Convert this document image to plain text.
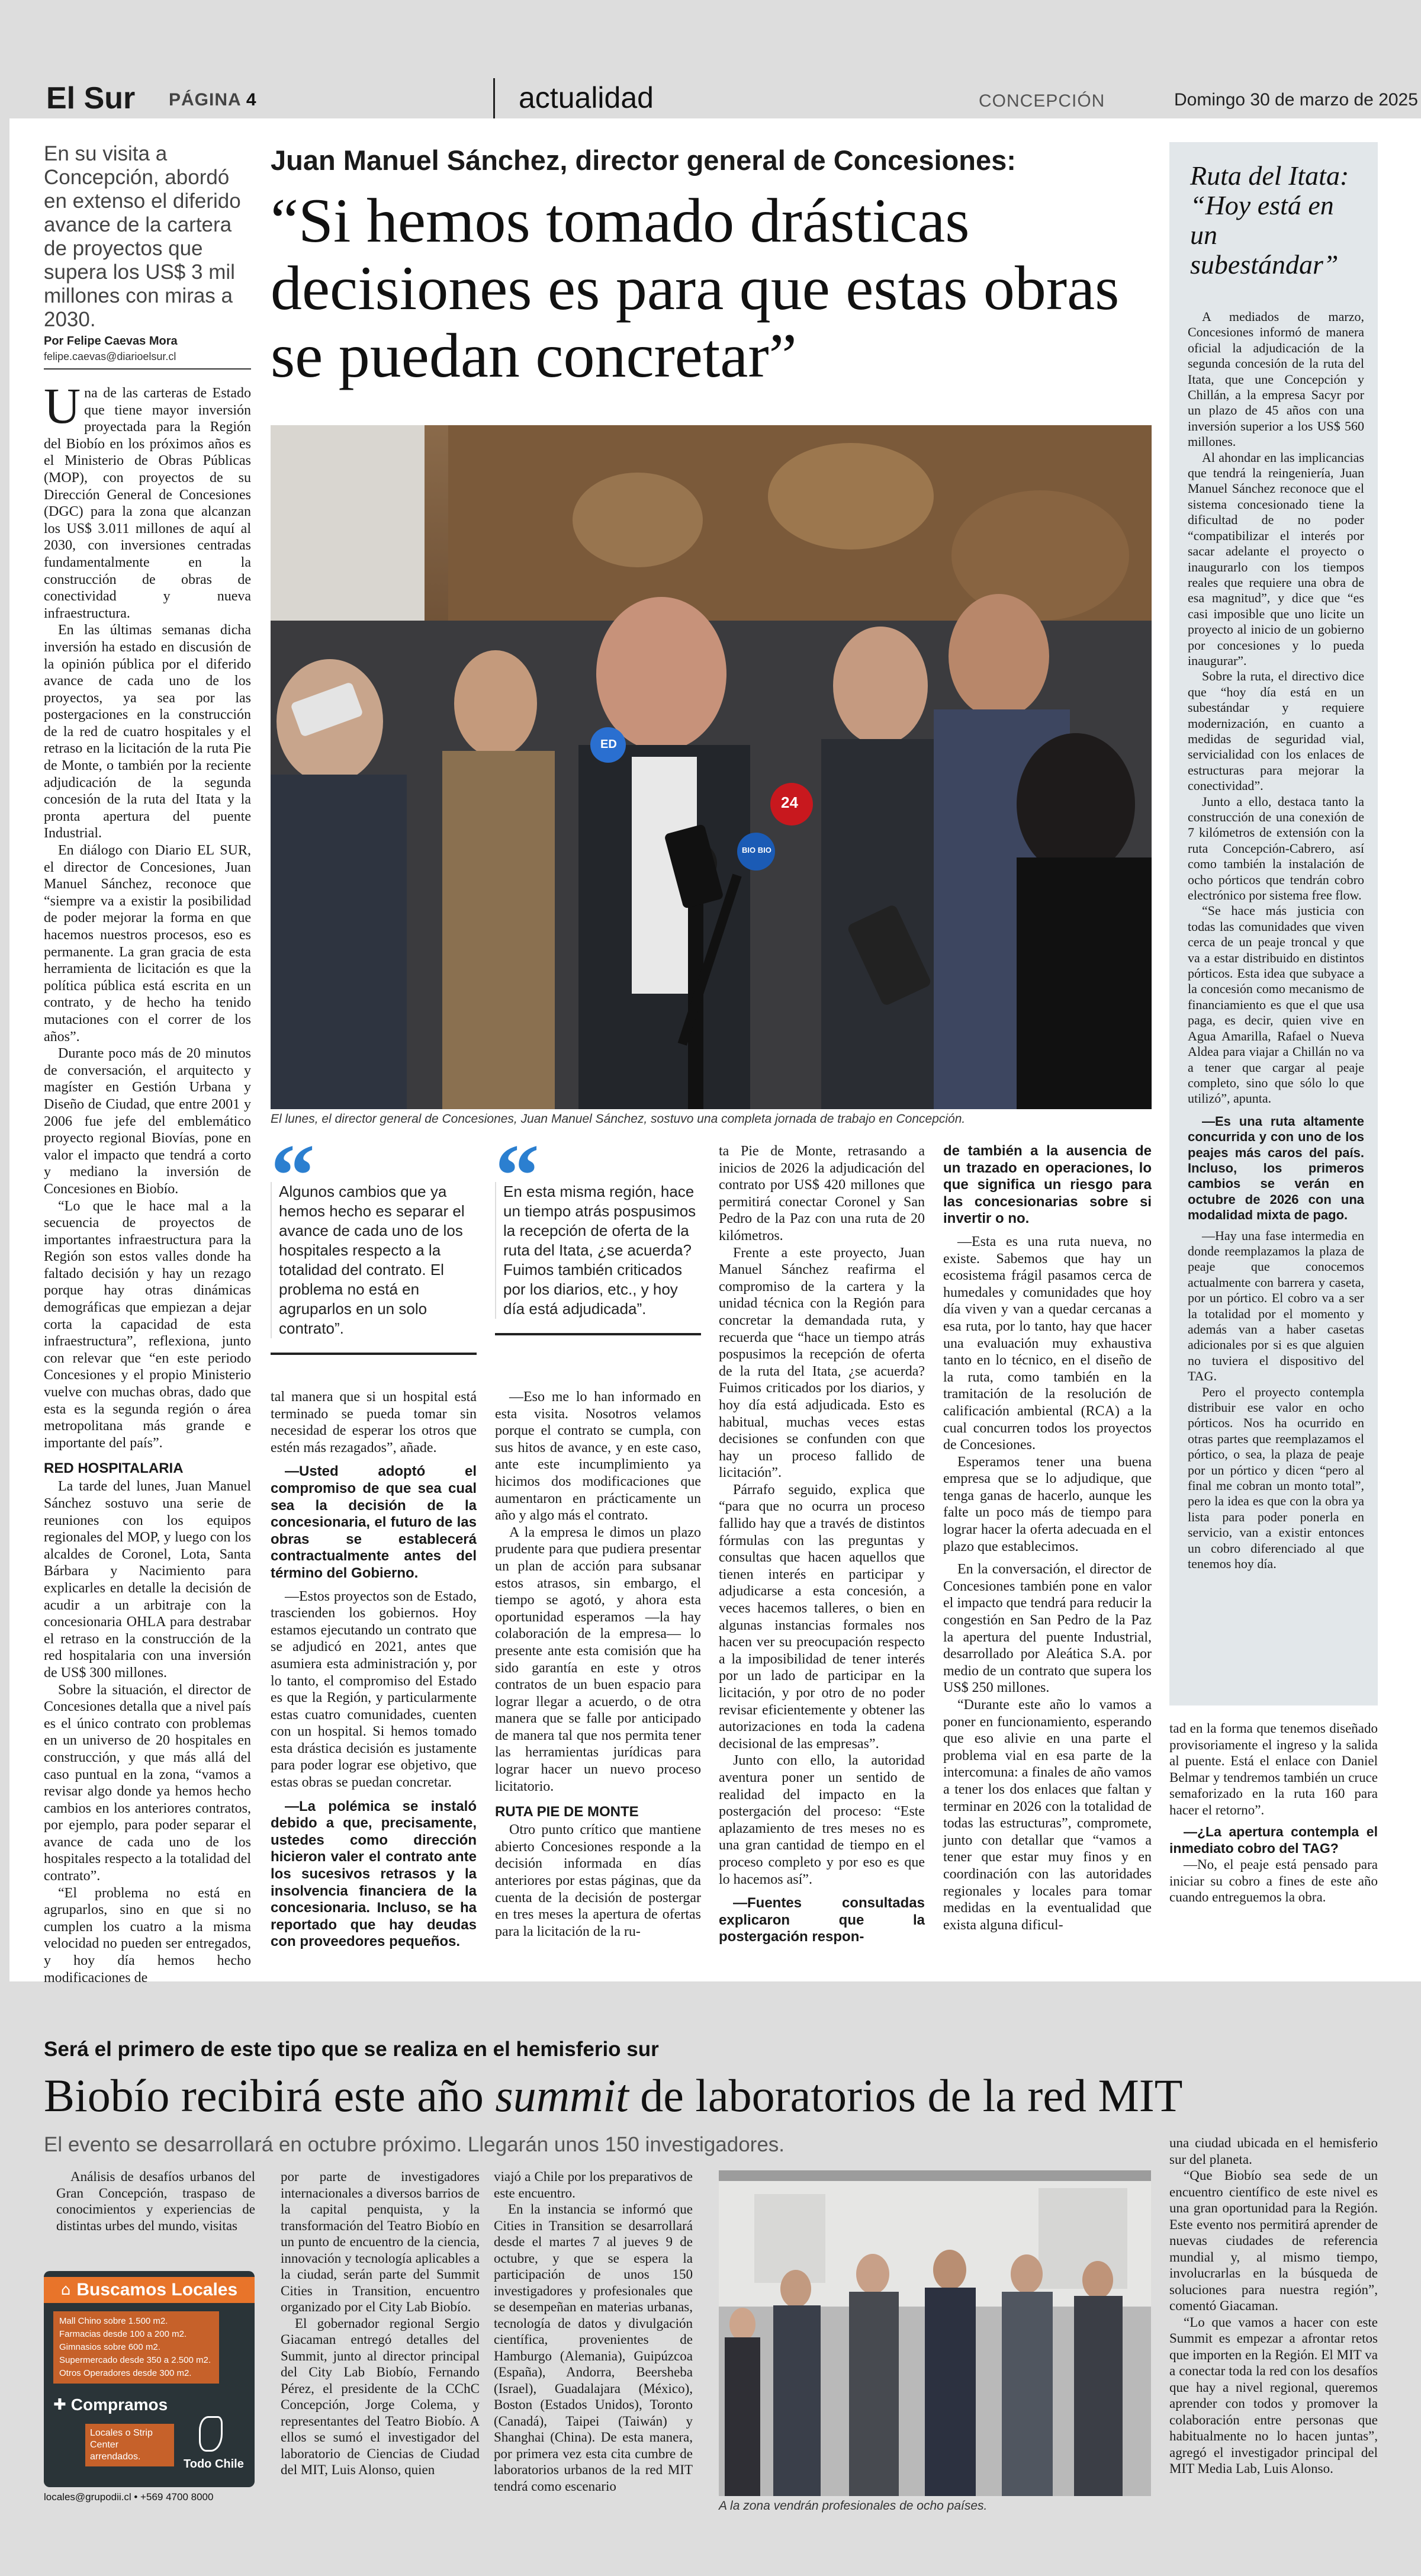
El Sur PÁGINA 4	actualidad	CONCEPCIÓN	Domingo 30 de marzo de 2025
En su visita a Concepción, abordó en extenso el diferido avance de la cartera de proyectos que supera los US$ 3 mil millones con miras a 2030.
Por Felipe Caevas Mora
felipe.caevas@diarioelsur.cl
Juan Manuel Sánchez, director general de Concesiones:
“Si hemos tomado drásticas decisiones es para que estas obras se puedan concretar”
24
ED
BIO BIO
El lunes, el director general de Concesiones, Juan Manuel Sánchez, sostuvo una completa jornada de trabajo en Concepción.

Una de las carteras de Estado que tiene mayor inversión proyectada para la Región del Biobío en los próximos años es el Ministerio de Obras Públicas (MOP), con proyectos de su Dirección General de Concesiones (DGC) para la zona que alcanzan los US$ 3.011 millones de aquí al 2030, con inversiones centradas fundamentalmente en la construcción de obras de conectividad y nueva infraestructura.

En las últimas semanas dicha inversión ha estado en discusión de la opinión pública por el diferido avance de cada uno de los proyectos, ya sea por las postergaciones en la construcción de la red de cuatro hospitales y el retraso en la licitación de la ruta Pie de Monte, o también por la reciente adjudicación de la segunda concesión de la ruta del Itata y la pronta apertura del puente Industrial.

En diálogo con Diario EL SUR, el director de Concesiones, Juan Manuel Sánchez, reconoce que “siempre va a existir la posibilidad de poder mejorar la forma en que hacemos nuestros procesos, eso es permanente. La gran gracia de esta herramienta de licitación es que la política pública está escrita en un contrato, y de hecho ha tenido mutaciones con el correr de los años”.

Durante poco más de 20 minutos de conversación, el arquitecto y magíster en Gestión Urbana y Diseño de Ciudad, que entre 2001 y 2006 fue jefe del emblemático proyecto regional Biovías, pone en valor el impacto que tendrá a corto y mediano la inversión de Concesiones en Biobío.

“Lo que le hace mal a la secuencia de proyectos de importantes infraestructura para la Región son estos valles donde ha faltado decisión y hay un rezago porque hay otras dinámicas demográficas que empiezan a dejar corta la capacidad de esta infraestructura”, reflexiona, junto con relevar que “en este periodo Concesiones y el propio Ministerio vuelve con muchas obras, dado que esta es la segunda región o área metropolitana más grande e importante del país”.

RED HOSPITALARIA

La tarde del lunes, Juan Manuel Sánchez sostuvo una serie de reuniones con los equipos regionales del MOP, y luego con los alcaldes de Coronel, Lota, Santa Bárbara y Nacimiento para explicarles en detalle la decisión de acudir a un arbitraje con la concesionaria OHLA para destrabar el retraso en la construcción de la red hospitalaria con una inversión de US$ 300 millones.

Sobre la situación, el director de Concesiones detalla que a nivel país es el único contrato con problemas en un universo de 20 hospitales en construcción, y que más allá del caso puntual en la zona, “vamos a revisar algo donde ya hemos hecho cambios en los anteriores contratos, por ejemplo, para poder separar el avance de cada uno de los hospitales respecto a la totalidad del contrato”.

“El problema no está en agruparlos, sino en que si no cumplen los cuatro a la misma velocidad no pueden ser entregados, y hoy día hemos hecho modificaciones de

“
Algunos cambios que ya hemos hecho es separar el avance de cada uno de los hospitales respecto a la totalidad del contrato. El problema no está en agruparlos en un solo contrato”.
“
En esta misma región, hace un tiempo atrás pospusimos la recepción de oferta de la ruta del Itata, ¿se acuerda? Fuimos también criticados por los diarios, etc., y hoy día está adjudicada”.

tal manera que si un hospital está terminado se pueda tomar sin necesidad de esperar los otros que estén más rezagados”, añade.

—Usted adoptó el compromiso de que sea cual sea la decisión de la concesionaria, el futuro de las obras se establecerá contractualmente antes del término del Gobierno.

—Estos proyectos son de Estado, trascienden los gobiernos. Hoy estamos ejecutando un contrato que se adjudicó en 2021, antes que asumiera esta administración y, por lo tanto, el compromiso del Estado es que la Región, y particularmente estas cuatro comunidades, cuenten con un hospital. Si hemos tomado esta drástica decisión es justamente para poder lograr ese objetivo, que estas obras se puedan concretar.

—La polémica se instaló debido a que, precisamente, ustedes como dirección hicieron valer el contrato ante los sucesivos retrasos y la insolvencia financiera de la concesionaria. Incluso, se ha reportado que hay deudas con proveedores pequeños.

—Eso me lo han informado en esta visita. Nosotros velamos porque el contrato se cumpla, con sus hitos de avance, y en este caso, ante este incumplimiento ya hicimos dos modificaciones que aumentaron en prácticamente un año y algo más el contrato.

A la empresa le dimos un plazo prudente para que pudiera presentar un plan de acción para subsanar estos atrasos, sin embargo, el tiempo se agotó, y ahora esta oportunidad esperamos —la hay colaboración de la empresa— lo presente ante esta comisión que ha sido garantía en este y otros contratos de un buen espacio para lograr llegar a acuerdo, o de otra manera que se falle por anticipado de manera tal que nos permita tener las herramientas jurídicas para lograr hacer un nuevo proceso licitatorio.

RUTA PIE DE MONTE

Otro punto crítico que mantiene abierto Concesiones responde a la decisión informada en días anteriores por estas páginas, que da cuenta de la decisión de postergar en tres meses la apertura de ofertas para la licitación de la ru-

ta Pie de Monte, retrasando a inicios de 2026 la adjudicación del contrato por US$ 420 millones que permitirá conectar Coronel y San Pedro de la Paz con una ruta de 20 kilómetros.

Frente a este proyecto, Juan Manuel Sánchez reafirma el compromiso de la cartera y la unidad técnica con la Región para concretar la demandada ruta, y recuerda que “hace un tiempo atrás pospusimos la recepción de oferta de la ruta del Itata, ¿se acuerda? Fuimos criticados por los diarios, y hoy día está adjudicada. Esto es habitual, muchas veces estas decisiones se confunden con que hay un proceso fallido de licitación”.

Párrafo seguido, explica que “para que no ocurra un proceso fallido hay que a través de distintos fórmulas con las preguntas y consultas que hacen aquellos que tienen interés en participar y adjudicarse a esta concesión, a veces hacemos talleres, o bien en algunas instancias formales nos hacen ver su preocupación respecto a la imposibilidad de tener interés por un lado de participar en la licitación, y por otro de no poder revisar eficientemente y obtener las autorizaciones en toda la cadena decisional de las empresas”.

Junto con ello, la autoridad aventura poner un sentido de realidad del impacto en la postergación del proceso: “Este aplazamiento de tres meses no es una gran cantidad de tiempo en el proceso completo y por eso es que lo hacemos así”.

—Fuentes consultadas explicaron que la postergación respon-

de también a la ausencia de un trazado en operaciones, lo que significa un riesgo para las concesionarias sobre si invertir o no.

—Esta es una ruta nueva, no existe. Sabemos que hay un ecosistema frágil pasamos cerca de humedales y comunidades que hoy día viven y van a quedar cercanas a esa ruta, por lo tanto, hay que hacer una evaluación muy exhaustiva tanto en lo técnico, en el diseño de la ruta, como también en la tramitación de la resolución de calificación ambiental (RCA) a la cual concurren todos los proyectos de Concesiones.

Esperamos tener una buena empresa que se lo adjudique, que tenga ganas de hacerlo, aunque les falte un poco más de tiempo para lograr hacer la oferta adecuada en el plazo que establecimos.

En la conversación, el director de Concesiones también pone en valor el impacto que tendrá para reducir la congestión en San Pedro de la Paz la apertura del puente Industrial, desarrollado por Aleática S.A. por medio de un contrato que supera los US$ 250 millones.

“Durante este año lo vamos a poner en funcionamiento, esperando que eso alivie en una parte el problema vial en esa parte de la intercomuna: a finales de año vamos a tener los dos enlaces que faltan y terminar en 2026 con la totalidad de todas las estructuras”, compromete, junto con detallar que “vamos a tener que estar muy finos y en coordinación con las autoridades regionales y locales para tomar medidas en la eventualidad que exista alguna dificul-

Ruta del Itata: “Hoy está en un subestándar”

A mediados de marzo, Concesiones informó de manera oficial la adjudicación de la segunda concesión de la ruta del Itata, que une Concepción y Chillán, a la empresa Sacyr por un plazo de 45 años con una inversión superior a los US$ 560 millones.

Al ahondar en las implicancias que tendrá la reingeniería, Juan Manuel Sánchez reconoce que el sistema concesionado tiene la dificultad de no poder “compatibilizar el interés por sacar adelante el proyecto o inaugurarlo con los tiempos reales que requiere una obra de esa magnitud”, y dice que “es casi imposible que uno licite un proyecto al inicio de un gobierno por concesiones y lo pueda inaugurar”.

Sobre la ruta, el directivo dice que “hoy día está en un subestándar y requiere modernización, en cuanto a medidas de seguridad vial, servicialidad con los enlaces de estructuras para mejorar la conectividad”.

Junto a ello, destaca tanto la construcción de una conexión de 7 kilómetros de extensión con la ruta Concepción-Cabrero, así como también la instalación de ocho pórticos que tendrán cobro electrónico por sistema free flow.

“Se hace más justicia con todas las comunidades que viven cerca de un peaje troncal y que va a estar distribuido en distintos pórticos. Esta idea que subyace a la concesión como mecanismo de financiamiento es que el que usa paga, es decir, quien vive en Agua Amarilla, Rafael o Nueva Aldea para viajar a Chillán no va a tener que cargar al peaje completo, sino que sólo lo que utilizó”, apunta.

—Es una ruta altamente concurrida y con uno de los peajes más caros del país. Incluso, los primeros cambios se verán en octubre de 2026 con una modalidad mixta de pago.

—Hay una fase intermedia en donde reemplazamos la plaza de peaje que conocemos actualmente con barrera y caseta, por un pórtico. El cobro va a ser la totalidad por el momento y además van a haber casetas adicionales por si es que alguien no tuviera el dispositivo del TAG.

Pero el proyecto contempla distribuir ese valor en ocho pórticos. Nos ha ocurrido en otras partes que reemplazamos el pórtico, o sea, la plaza de peaje por un pórtico y dicen “pero al final me cobran un monto total”, pero la idea es que con la obra ya lista para poder ponerla en servicio, van a existir entonces un cobro diferenciado al que tenemos hoy día.

tad en la forma que tenemos diseñado provisoriamente el ingreso y la salida al puente. Está el enlace con Daniel Belmar y tendremos también un cruce semaforizado en la ruta 160 para hacer el retorno”.

—¿La apertura contempla el inmediato cobro del TAG?

—No, el peaje está pensado para iniciar su cobro a fines de este año cuando entreguemos la obra.

Será el primero de este tipo que se realiza en el hemisferio sur
Biobío recibirá este año summit de laboratorios de la red MIT
El evento se desarrollará en octubre próximo. Llegarán unos 150 investigadores.

Análisis de desafíos urbanos del Gran Concepción, traspaso de conocimientos y experiencias de distintas urbes del mundo, visitas

⌂ Buscamos Locales
Mall Chino sobre 1.500 m2.
Farmacias desde 100 a 200 m2.
Gimnasios sobre 600 m2.
Supermercado desde 350 a 2.500 m2.
Otros Operadores desde 300 m2.
✚ Compramos
Locales o Strip Center arrendados.
Todo Chile
locales@grupodii.cl • +569 4700 8000

por parte de investigadores internacionales a diversos barrios de la capital penquista, y la transformación del Teatro Biobío en un punto de encuentro de la ciencia, innovación y tecnología aplicables a la ciudad, serán parte del Summit Cities in Transition, encuentro organizado por el City Lab Biobío.

El gobernador regional Sergio Giacaman entregó detalles del Summit, junto al director principal del City Lab Biobío, Fernando Pérez, el presidente de la CChC Concepción, Jorge Colema, y representantes del Teatro Biobío. A ellos se sumó el investigador del laboratorio de Ciencias de Ciudad del MIT, Luis Alonso, quien

viajó a Chile por los preparativos de este encuentro.

En la instancia se informó que Cities in Transition se desarrollará desde el martes 7 al jueves 9 de octubre, y que se espera la participación de unos 150 investigadores y profesionales que se desempeñan en materias urbanas, tecnología de datos y divulgación científica, provenientes de Hamburgo (Alemania), Guipúzcoa (España), Andorra, Beersheba (Israel), Guadalajara (México), Boston (Estados Unidos), Toronto (Canadá), Taipei (Taiwán) y Shanghai (China). De esta manera, por primera vez esta cita cumbre de laboratorios urbanos de la red MIT tendrá como escenario

A la zona vendrán profesionales de ocho países.

una ciudad ubicada en el hemisferio sur del planeta.

“Que Biobío sea sede de un encuentro científico de este nivel es una gran oportunidad para la Región. Este evento nos permitirá aprender de nuevas ciudades de referencia mundial y, al mismo tiempo, involucrarlas en la búsqueda de soluciones para nuestra región”, comentó Giacaman.

“Lo que vamos a hacer con este Summit es empezar a afrontar retos que importen en la Región. El MIT va a conectar toda la red con los desafíos que hay a nivel regional, queremos aprender con todos y promover la colaboración entre personas que habitualmente no lo hacen juntas”, agregó el investigador principal del MIT Media Lab, Luis Alonso.
